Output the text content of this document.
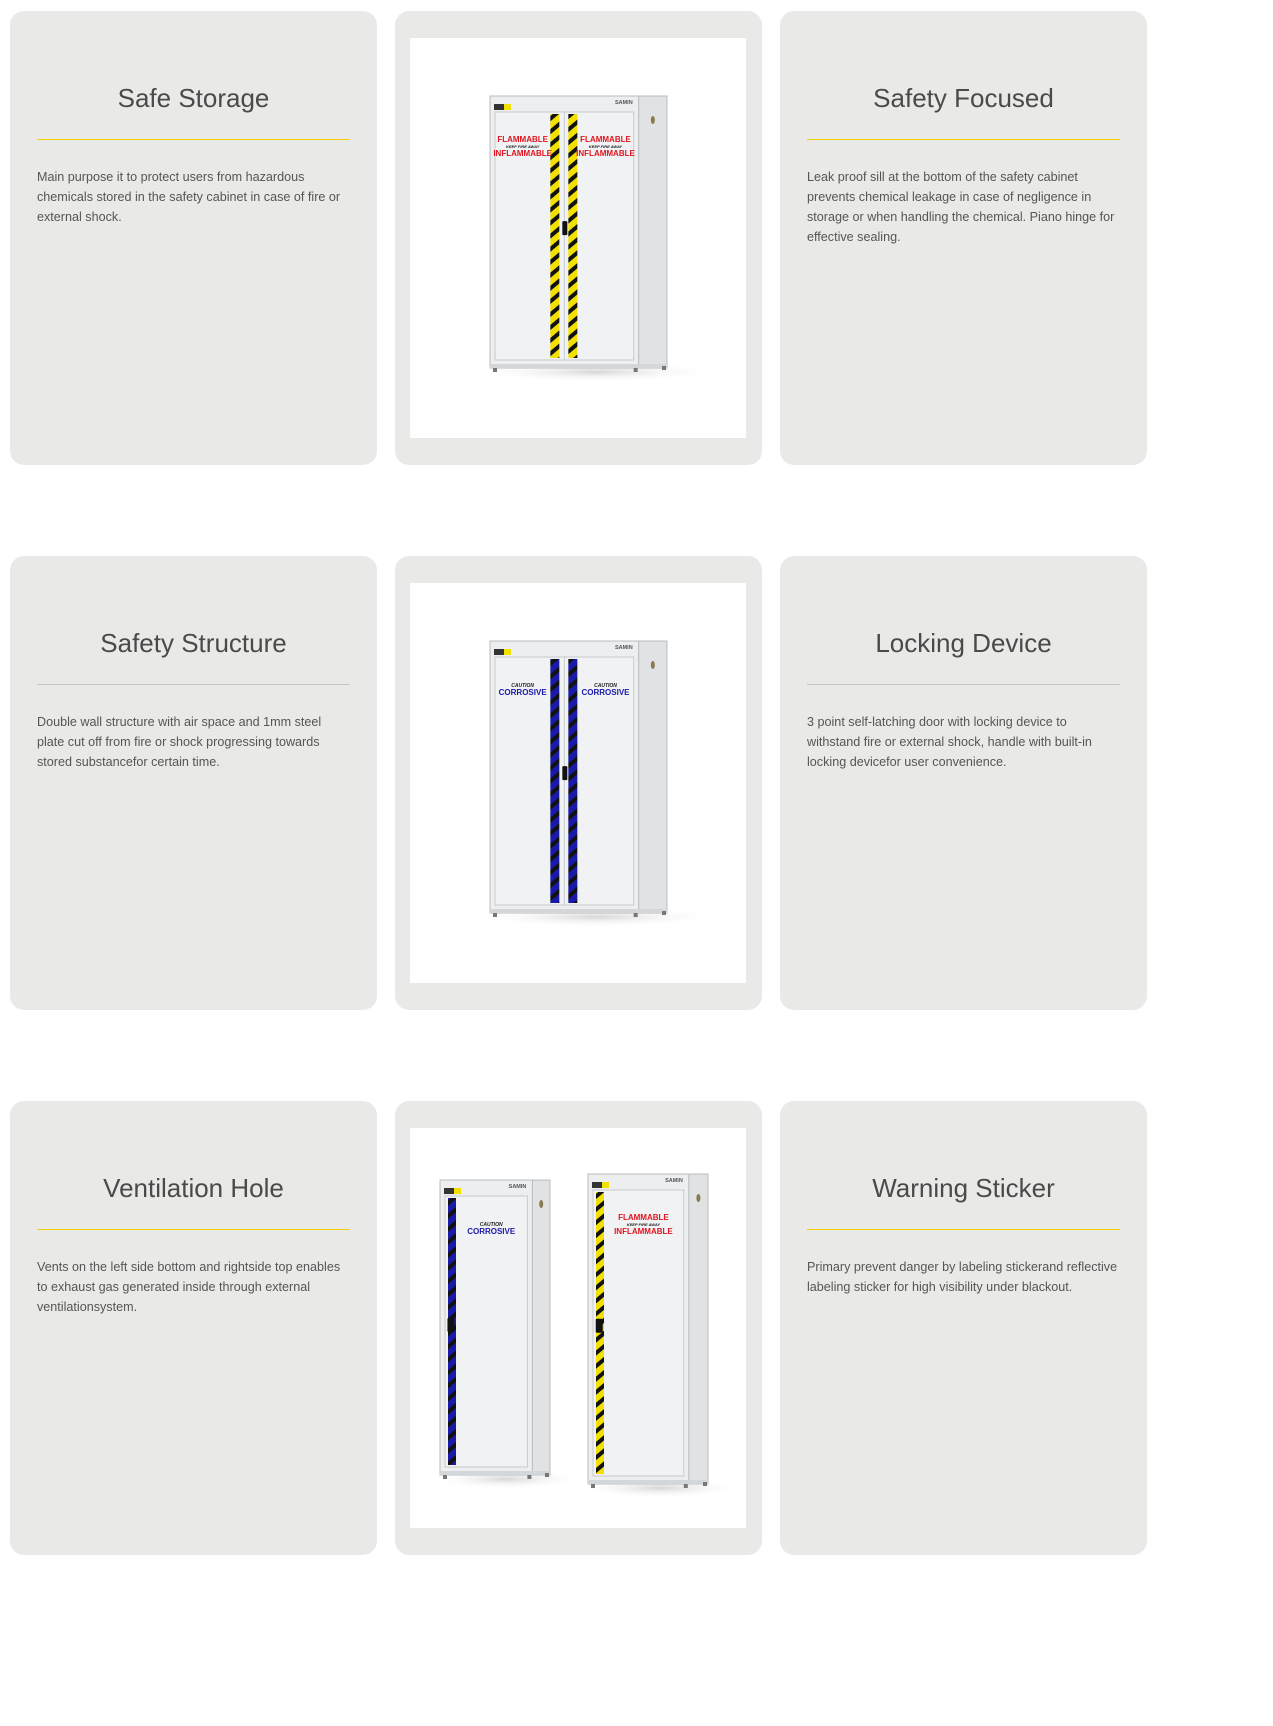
Safe Storage

Main purpose it to protect users from hazardous chemicals stored in the safety cabinet in case of fire or external shock.

SAMIN
FLAMMABLE
KEEP FIRE AWAY
INFLAMMABLE
FLAMMABLE
KEEP FIRE AWAY
INFLAMMABLE
Safety Focused

Leak proof sill at the bottom of the safety cabinet prevents chemical leakage in case of negligence in storage or when handling the chemical. Piano hinge for effective sealing.

Safety Structure

Double wall structure with air space and 1mm steel plate cut off from fire or shock progressing towards stored substancefor certain time.

SAMIN
CAUTION
CORROSIVE
CAUTION
CORROSIVE
Locking Device

3 point self-latching door with locking device to withstand fire or external shock, handle with built-in locking devicefor user convenience.

Ventilation Hole

Vents on the left side bottom and rightside top enables to exhaust gas generated inside through external ventilationsystem.

SAMIN
CAUTION
CORROSIVE
SAMIN
FLAMMABLE
KEEP FIRE AWAY
INFLAMMABLE
Warning Sticker

Primary prevent danger by labeling stickerand reflective labeling sticker for high visibility under blackout.
